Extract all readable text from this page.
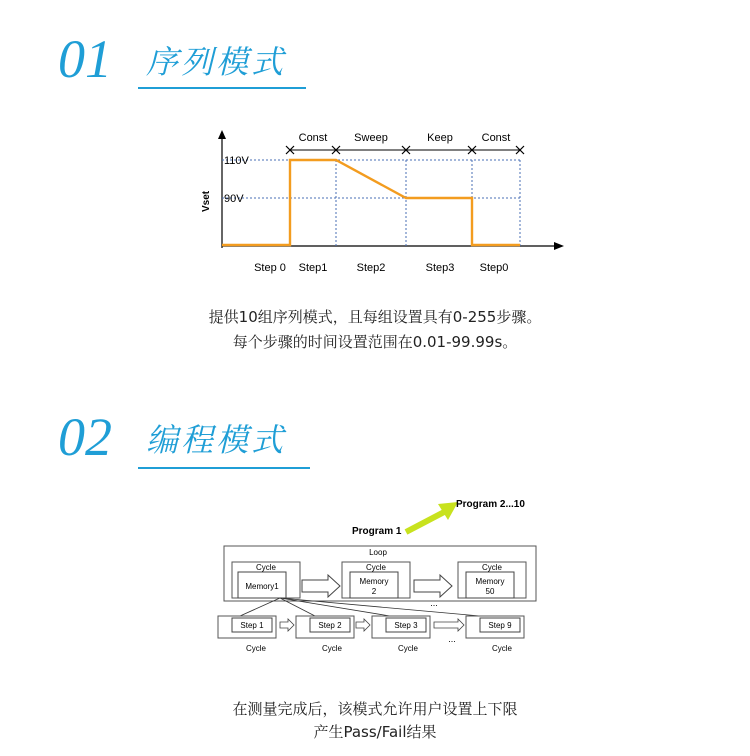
01 序列模式
Vset
110V
90V
Const Sweep	Keep	Const
Step 0 Step1	Step2	Step3 Step0
提供10组序列模式，且每组设置具有0-255步骤。
每个步骤的时间设置范围在0.01-99.99s。
02 编程模式
Program 2...10
Program 1
Loop
Cycle	Cycle	Cycle
Memory1
Memory
2
Memory
50
...
Step 1	Step 2	Step 3	Step 9
...
Cycle	Cycle	Cycle	Cycle
在测量完成后，该模式允许用户设置上下限
产生Pass/Fail结果
